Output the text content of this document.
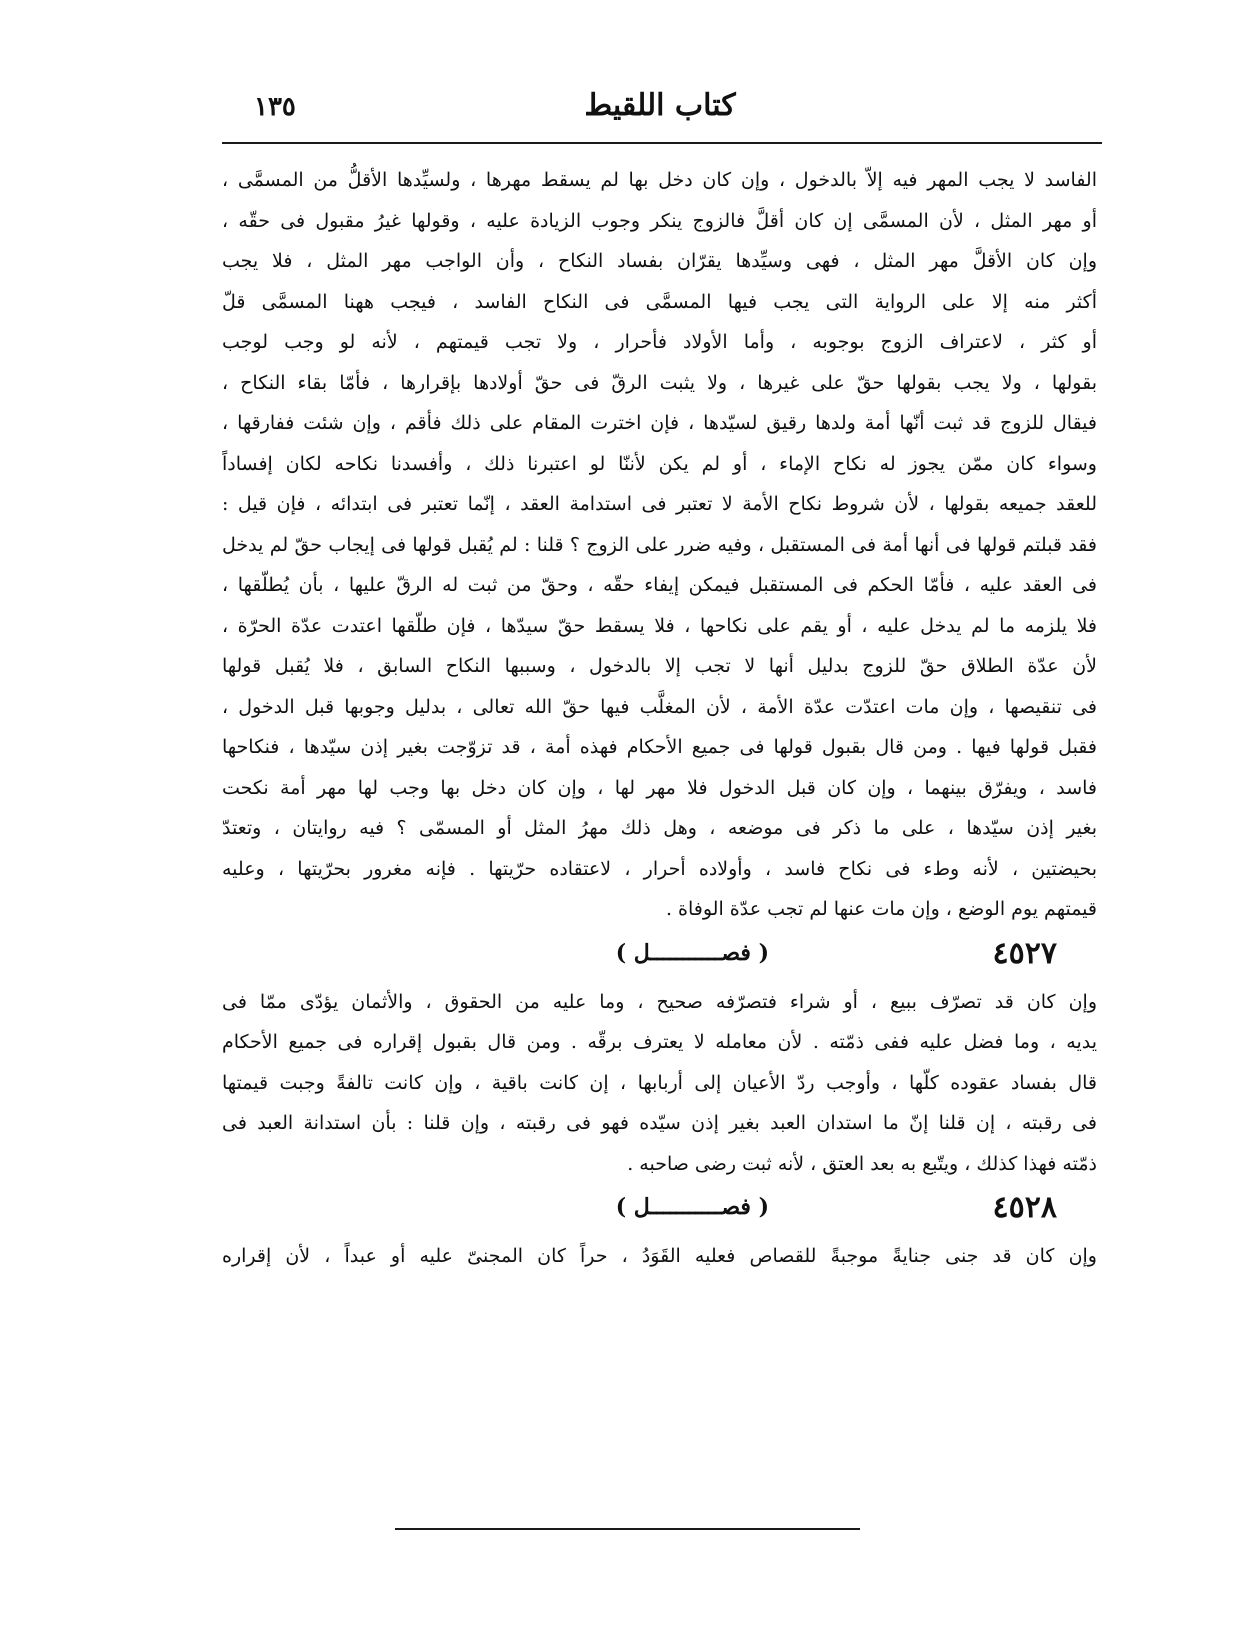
كتاب اللقيط
١٣٥
الفاسد لا يجب المهر فيه إلاّ بالدخول ، وإن كان دخل بها لم يسقط مهرها ، ولسيِّدها الأقلُّ من المسمَّى ،
أو مهر المثل ، لأن المسمَّى إن كان أقلَّ فالزوج ينكر وجوب الزيادة عليه ، وقولها غيرُ مقبول فى حقّه ،
وإن كان الأقلَّ مهر المثل ، فهى وسيِّدها يقرّان بفساد النكاح ، وأن الواجب مهر المثل ، فلا يجب
أكثر منه إلا على الرواية التى يجب فيها المسمَّى فى النكاح الفاسد ، فيجب ههنا المسمَّى قلّ
أو كثر ، لاعتراف الزوج بوجوبه ، وأما الأولاد فأحرار ، ولا تجب قيمتهم ، لأنه لو وجب لوجب
بقولها ، ولا يجب بقولها حقّ على غيرها ، ولا يثبت الرقّ فى حقّ أولادها بإقرارها ، فأمّا بقاء النكاح ،
فيقال للزوج قد ثبت أنّها أمة ولدها رقيق لسيّدها ، فإن اخترت المقام على ذلك فأقم ، وإن شئت ففارقها ،
وسواء كان ممّن يجوز له نكاح الإماء ، أو لم يكن لأننّا لو اعتبرنا ذلك ، وأفسدنا نكاحه لكان إفساداً
للعقد جميعه بقولها ، لأن شروط نكاح الأمة لا تعتبر فى استدامة العقد ، إنّما تعتبر فى ابتدائه ، فإن قيل :
فقد قبلتم قولها فى أنها أمة فى المستقبل ، وفيه ضرر على الزوج ؟ قلنا : لم يُقبل قولها فى إيجاب حقّ لم يدخل
فى العقد عليه ، فأمّا الحكم فى المستقبل فيمكن إيفاء حقّه ، وحقّ من ثبت له الرقّ عليها ، بأن يُطلّقها ،
فلا يلزمه ما لم يدخل عليه ، أو يقم على نكاحها ، فلا يسقط حقّ سيدّها ، فإن طلّقها اعتدت عدّة الحرّة ،
لأن عدّة الطلاق حقّ للزوج بدليل أنها لا تجب إلا بالدخول ، وسببها النكاح السابق ، فلا يُقبل قولها
فى تنقيصها ، وإن مات اعتدّت عدّة الأمة ، لأن المغلَّب فيها حقّ الله تعالى ، بدليل وجوبها قبل الدخول ،
فقبل قولها فيها . ومن قال بقبول قولها فى جميع الأحكام فهذه أمة ، قد تزوّجت بغير إذن سيّدها ، فنكاحها
فاسد ، ويفرّق بينهما ، وإن كان قبل الدخول فلا مهر لها ، وإن كان دخل بها وجب لها مهر أمة نكحت
بغير إذن سيّدها ، على ما ذكر فى موضعه ، وهل ذلك مهرُ المثل أو المسمّى ؟ فيه روايتان ، وتعتدّ
بحيضتين ، لأنه وطء فى نكاح فاسد ، وأولاده أحرار ، لاعتقاده حرّيتها . فإنه مغرور بحرّيتها ، وعليه
قيمتهم يوم الوضع ، وإن مات عنها لم تجب عدّة الوفاة .
٤٥٢٧
( فصـــــــــــل )
وإن كان قد تصرّف ببيع ، أو شراء فتصرّفه صحيح ، وما عليه من الحقوق ، والأثمان يؤدّى ممّا فى
يديه ، وما فضل عليه ففى ذمّته . لأن معامله لا يعترف برقّه . ومن قال بقبول إقراره فى جميع الأحكام
قال بفساد عقوده كلّها ، وأوجب ردّ الأعيان إلى أربابها ، إن كانت باقية ، وإن كانت تالفةً وجبت قيمتها
فى رقبته ، إن قلنا إنّ ما استدان العبد بغير إذن سيّده فهو فى رقبته ، وإن قلنا : بأن استدانة العبد فى
ذمّته فهذا كذلك ، ويتّبع به بعد العتق ، لأنه ثبت رضى صاحبه .
٤٥٢٨
( فصـــــــــــل )
وإن كان قد جنى جنايةً موجبةً للقصاص فعليه القَوَدُ ، حراً كان المجنىّ عليه أو عبداً ، لأن إقراره
